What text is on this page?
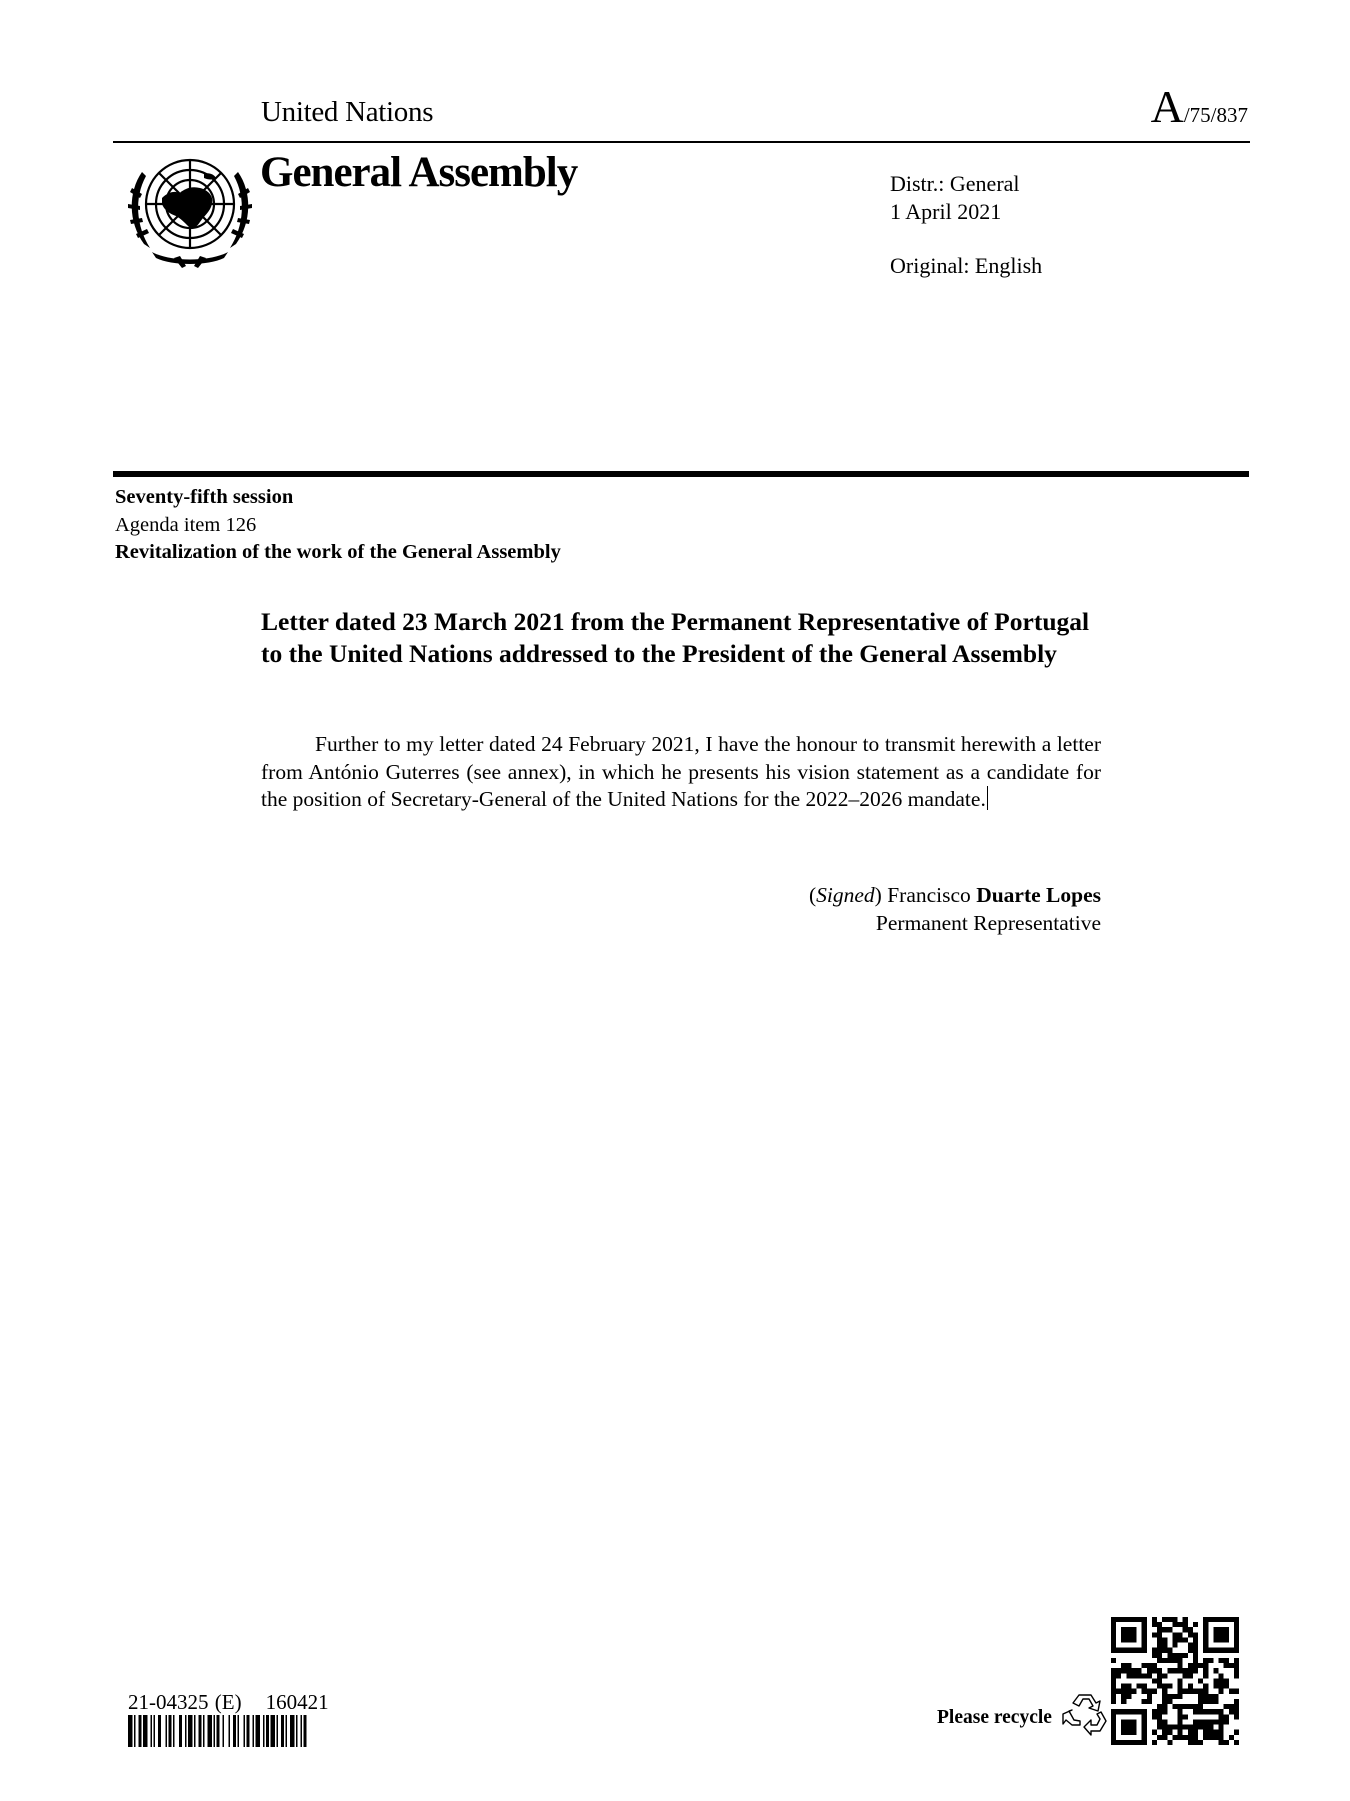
United Nations	A/75/837
General Assembly	Distr.: General
1 April 2021
Original: English
Seventy-fifth session
Agenda item 126
Revitalization of the work of the General Assembly
Letter dated 23 March 2021 from the Permanent Representative of Portugal to the United Nations addressed to the President of the General Assembly
Further to my letter dated 24 February 2021, I have the honour to transmit herewith a letter from António Guterres (see annex), in which he presents his vision statement as a candidate for the position of Secretary-General of the United Nations for the 2022–2026 mandate.
(Signed) Francisco Duarte Lopes
Permanent Representative
21-04325 (E) 160421
Please recycle
